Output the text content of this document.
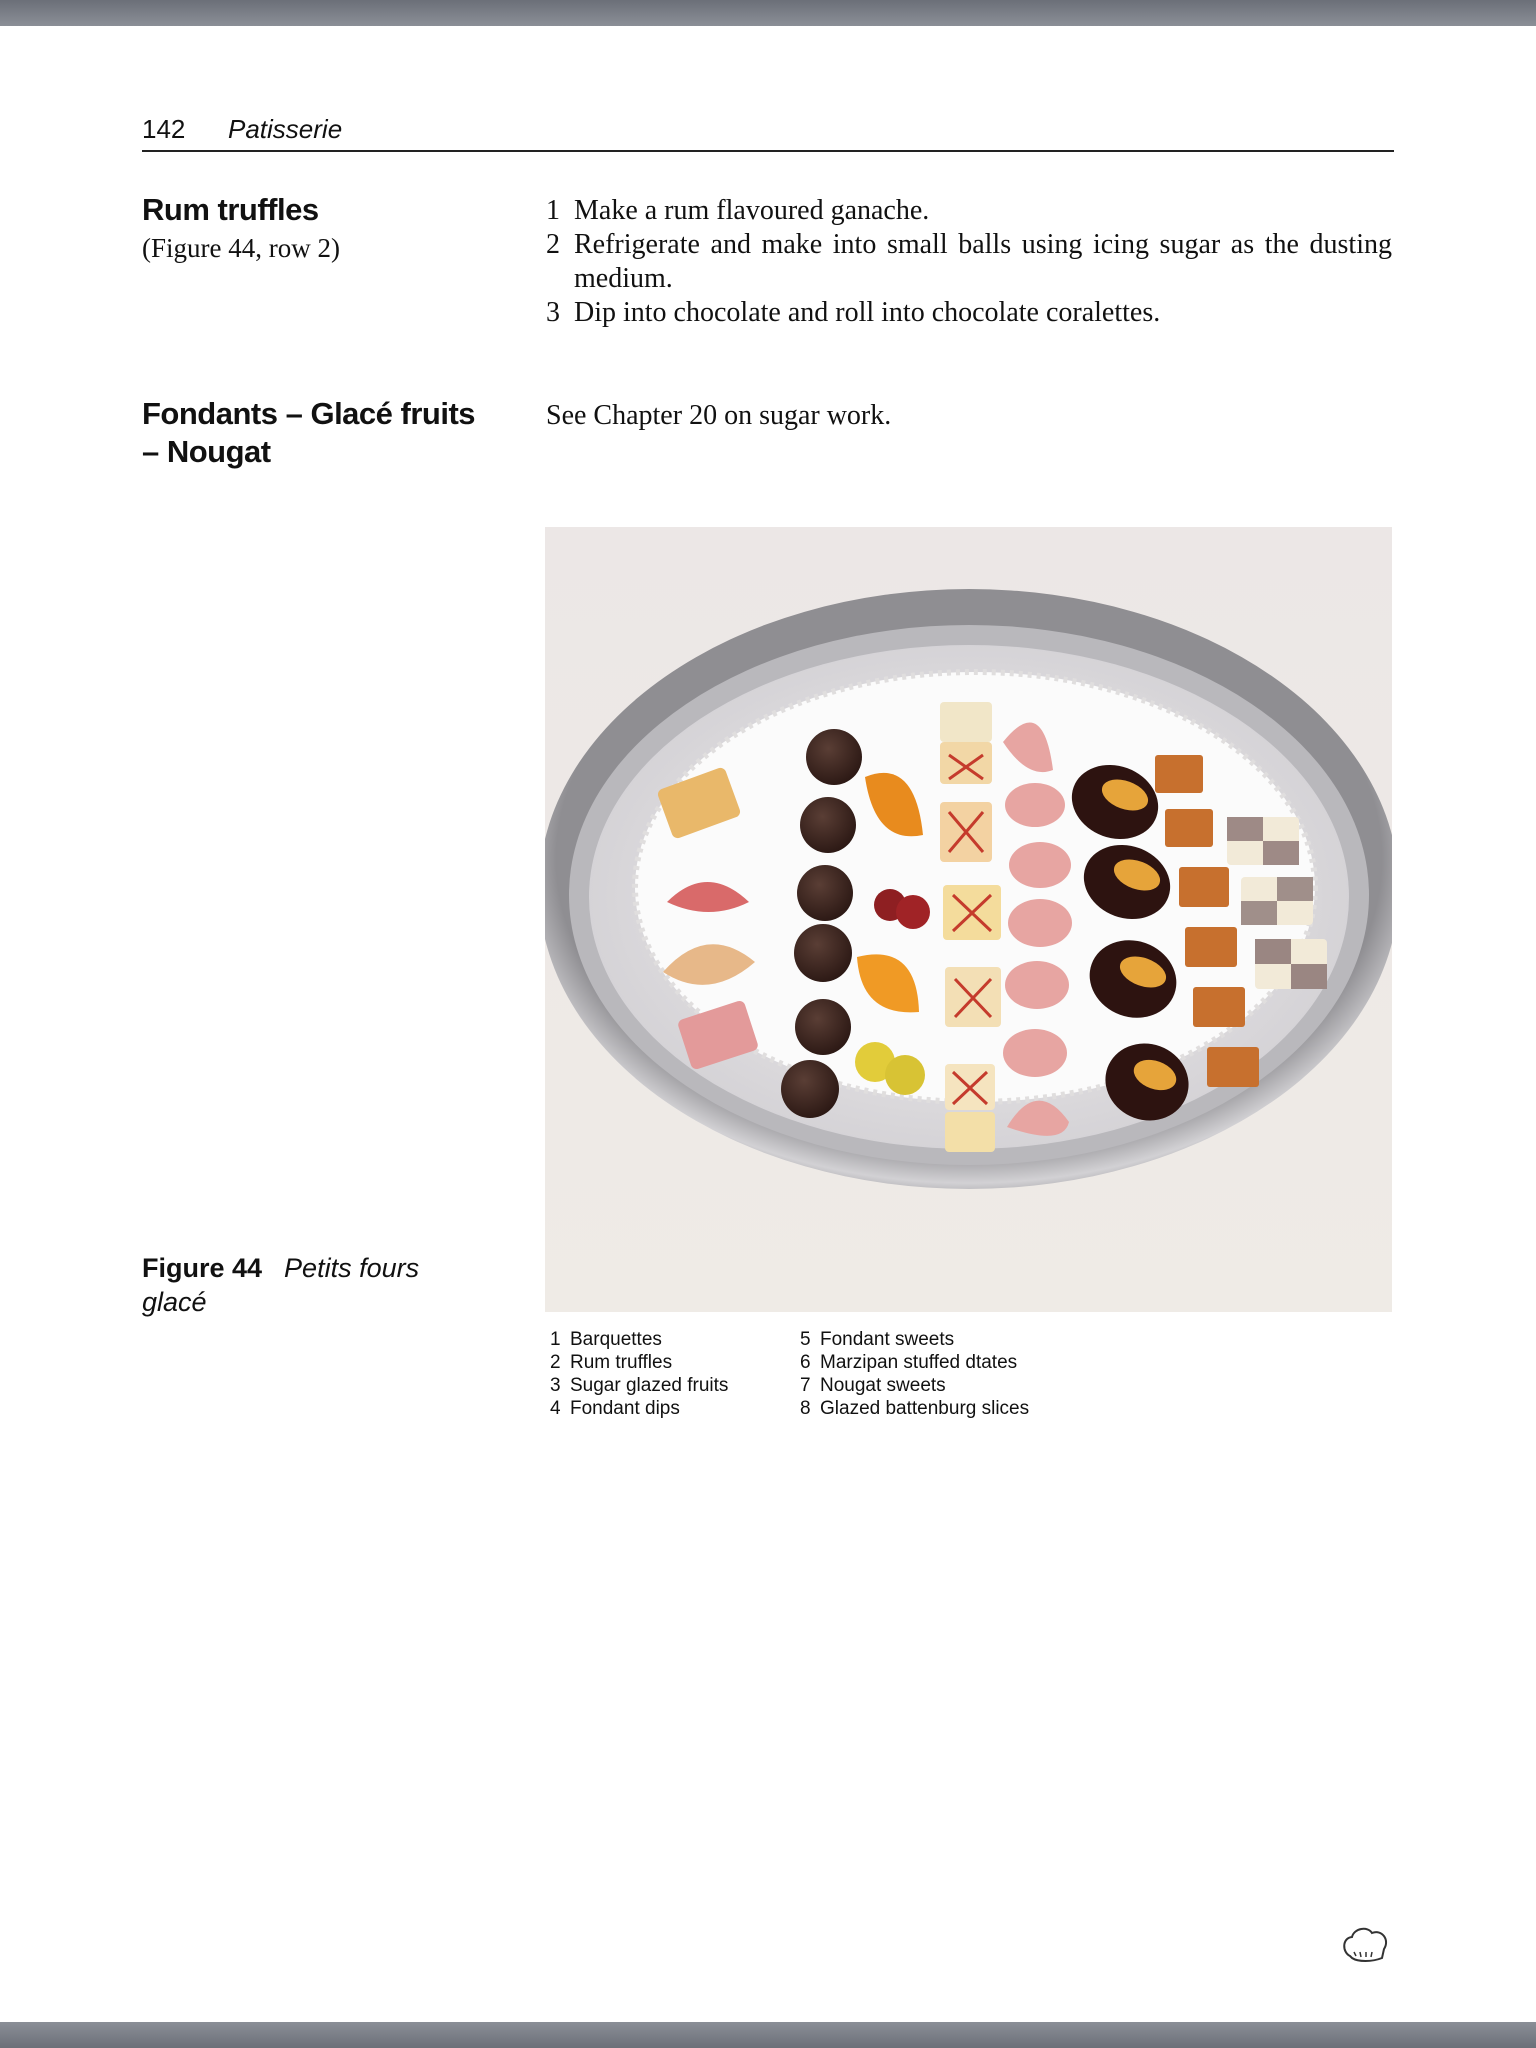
142 Patisserie
Rum truffles
(Figure 44, row 2)
1 Make a rum flavoured ganache.
2 Refrigerate and make into small balls using icing sugar as the dusting medium.
3 Dip into chocolate and roll into chocolate coralettes.
Fondants – Glacé fruits
– Nougat
See Chapter 20 on sugar work.
Figure 44 Petits fours
glacé
1 Barquettes
2 Rum truffles
3 Sugar glazed fruits
4 Fondant dips
5 Fondant sweets
6 Marzipan stuffed dtates
7 Nougat sweets
8 Glazed battenburg slices
